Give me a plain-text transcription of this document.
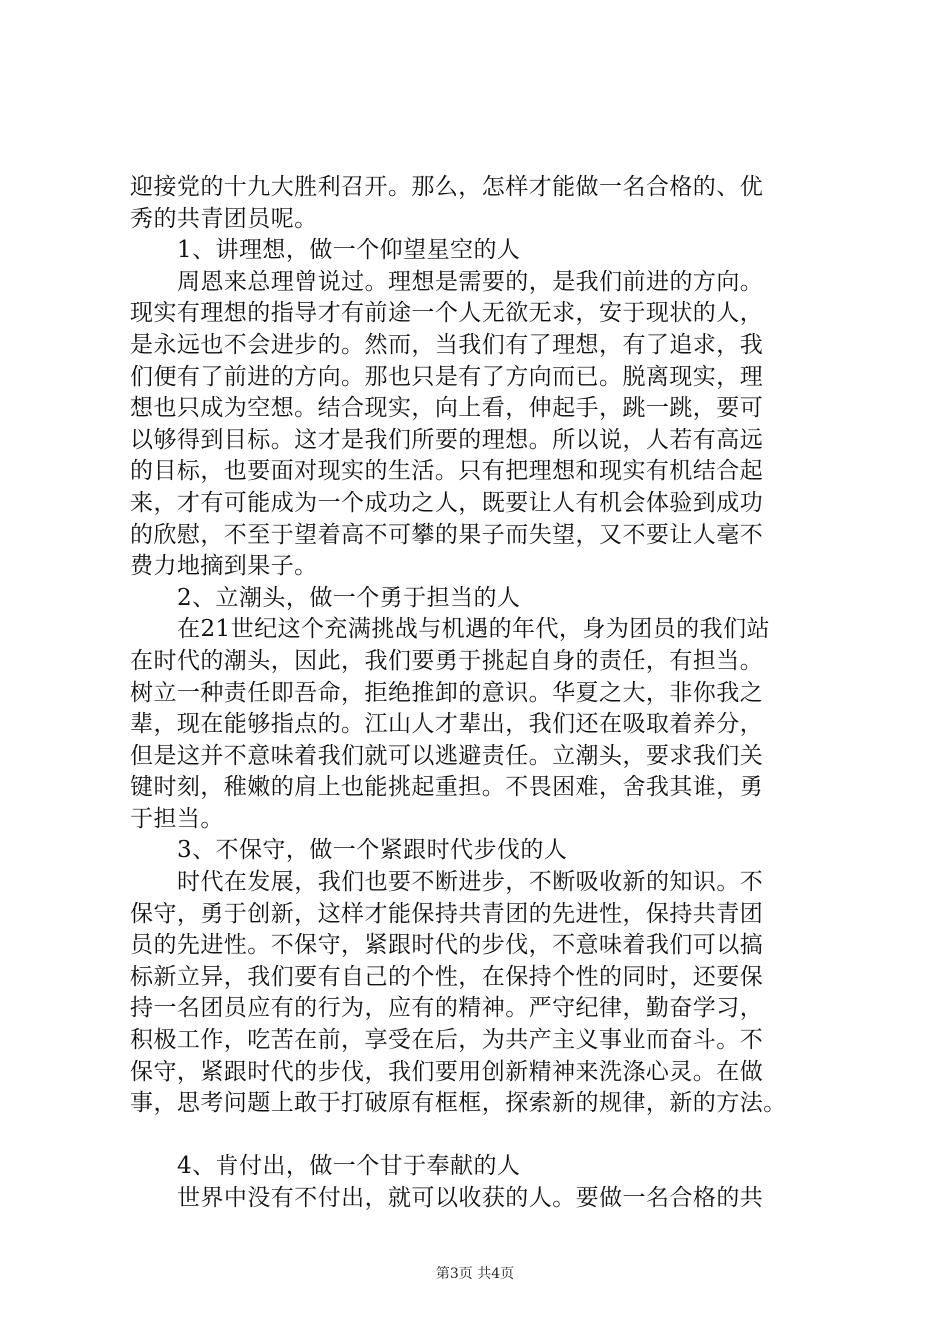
迎接党的十九大胜利召开。那么，怎样才能做一名合格的、优
秀的共青团员呢。
1、讲理想，做一个仰望星空的人
周恩来总理曾说过。理想是需要的，是我们前进的方向。
现实有理想的指导才有前途一个人无欲无求，安于现状的人，
是永远也不会进步的。然而，当我们有了理想，有了追求，我
们便有了前进的方向。那也只是有了方向而已。脱离现实，理
想也只成为空想。结合现实，向上看，伸起手，跳一跳，要可
以够得到目标。这才是我们所要的理想。所以说，人若有高远
的目标，也要面对现实的生活。只有把理想和现实有机结合起
来，才有可能成为一个成功之人，既要让人有机会体验到成功
的欣慰，不至于望着高不可攀的果子而失望，又不要让人毫不
费力地摘到果子。
2、立潮头，做一个勇于担当的人
在21世纪这个充满挑战与机遇的年代，身为团员的我们站
在时代的潮头，因此，我们要勇于挑起自身的责任，有担当。
树立一种责任即吾命，拒绝推卸的意识。华夏之大，非你我之
辈，现在能够指点的。江山人才辈出，我们还在吸取着养分，
但是这并不意味着我们就可以逃避责任。立潮头，要求我们关
键时刻，稚嫩的肩上也能挑起重担。不畏困难，舍我其谁，勇
于担当。
3、不保守，做一个紧跟时代步伐的人
时代在发展，我们也要不断进步，不断吸收新的知识。不
保守，勇于创新，这样才能保持共青团的先进性，保持共青团
员的先进性。不保守，紧跟时代的步伐，不意味着我们可以搞
标新立异，我们要有自己的个性，在保持个性的同时，还要保
持一名团员应有的行为，应有的精神。严守纪律，勤奋学习，
积极工作，吃苦在前，享受在后，为共产主义事业而奋斗。不
保守，紧跟时代的步伐，我们要用创新精神来洗涤心灵。在做
事，思考问题上敢于打破原有框框，探索新的规律，新的方法。
4、肯付出，做一个甘于奉献的人
世界中没有不付出，就可以收获的人。要做一名合格的共
第3页 共4页
